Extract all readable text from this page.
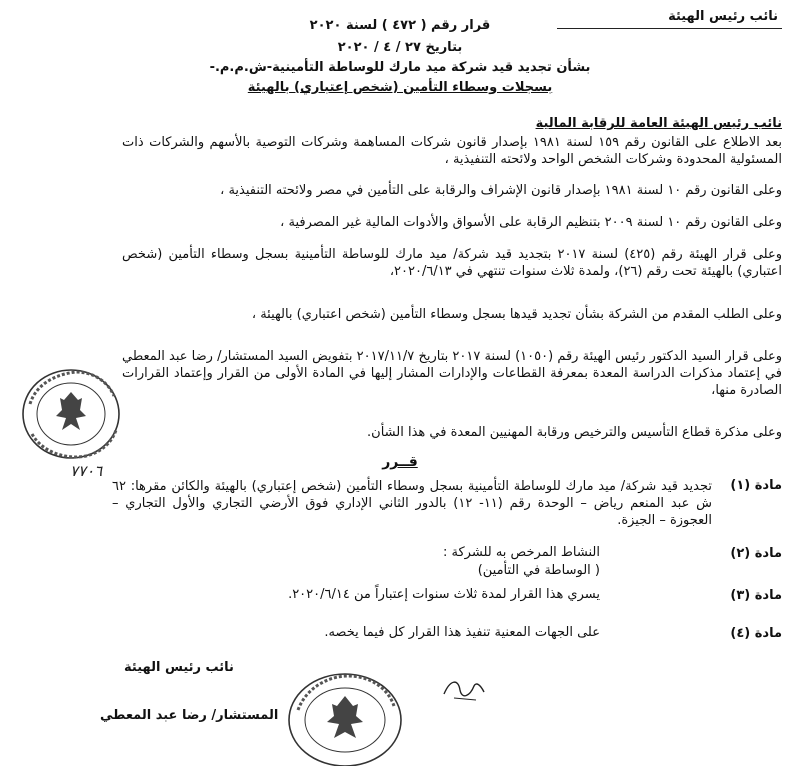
نائب رئيس الهيئة
قرار رقم ( ٤٧٢ ) لسنة ٢٠٢٠
بتاريخ ٢٧ / ٤ / ٢٠٢٠
بشأن تجديد قيد شركة ميد مارك للوساطة التأمينية-ش.م.م.-
بسجلات وسطاء التأمين (شخص إعتباري) بالهيئة
نائب رئيس الهيئة العامة للرقابة المالية
بعد الاطلاع على القانون رقم ١٥٩ لسنة ١٩٨١ بإصدار قانون شركات المساهمة وشركات التوصية بالأسهم والشركات ذات المسئولية المحدودة وشركات الشخص الواحد ولائحته التنفيذية ،
وعلى القانون رقم ١٠ لسنة ١٩٨١ بإصدار قانون الإشراف والرقابة على التأمين في مصر ولائحته التنفيذية ،
وعلى القانون رقم ١٠ لسنة ٢٠٠٩ بتنظيم الرقابة على الأسواق والأدوات المالية غير المصرفية ،
وعلى قرار الهيئة رقم (٤٢٥) لسنة ٢٠١٧ بتجديد قيد شركة/ ميد مارك للوساطة التأمينية بسجل وسطاء التأمين (شخص اعتباري) بالهيئة تحت رقم (٢٦)، ولمدة ثلاث سنوات تنتهي في ٢٠٢٠/٦/١٣،
وعلى الطلب المقدم من الشركة بشأن تجديد قيدها بسجل وسطاء التأمين (شخص اعتباري) بالهيئة ،
وعلى قرار السيد الدكتور رئيس الهيئة رقم (١٠٥٠) لسنة ٢٠١٧ بتاريخ ٢٠١٧/١١/٧ بتفويض السيد المستشار/ رضا عبد المعطي في إعتماد مذكرات الدراسة المعدة بمعرفة القطاعات والإدارات المشار إليها في المادة الأولى من القرار وإعتماد القرارات الصادرة منها،
وعلى مذكرة قطاع التأسيس والترخيص ورقابة المهنيين المعدة في هذا الشأن.
قــرر
مادة (١)
تجديد قيد شركة/ ميد مارك للوساطة التأمينية بسجل وسطاء التأمين (شخص إعتباري) بالهيئة والكائن مقرها: ٦٢ ش عبد المنعم رياض – الوحدة رقم (١١- ١٢) بالدور الثاني الإداري فوق الأرضي التجاري والأول التجاري – العجوزة – الجيزة.
مادة (٢)
النشاط المرخص به للشركة :
( الوساطة في التأمين)
مادة (٣)
يسري هذا القرار لمدة ثلاث سنوات إعتباراً من ٢٠٢٠/٦/١٤.
مادة (٤)
على الجهات المعنية تنفيذ هذا القرار كل فيما يخصه.
٧٧٠٦
نائب رئيس الهيئة
المستشار/ رضا عبد المعطي
